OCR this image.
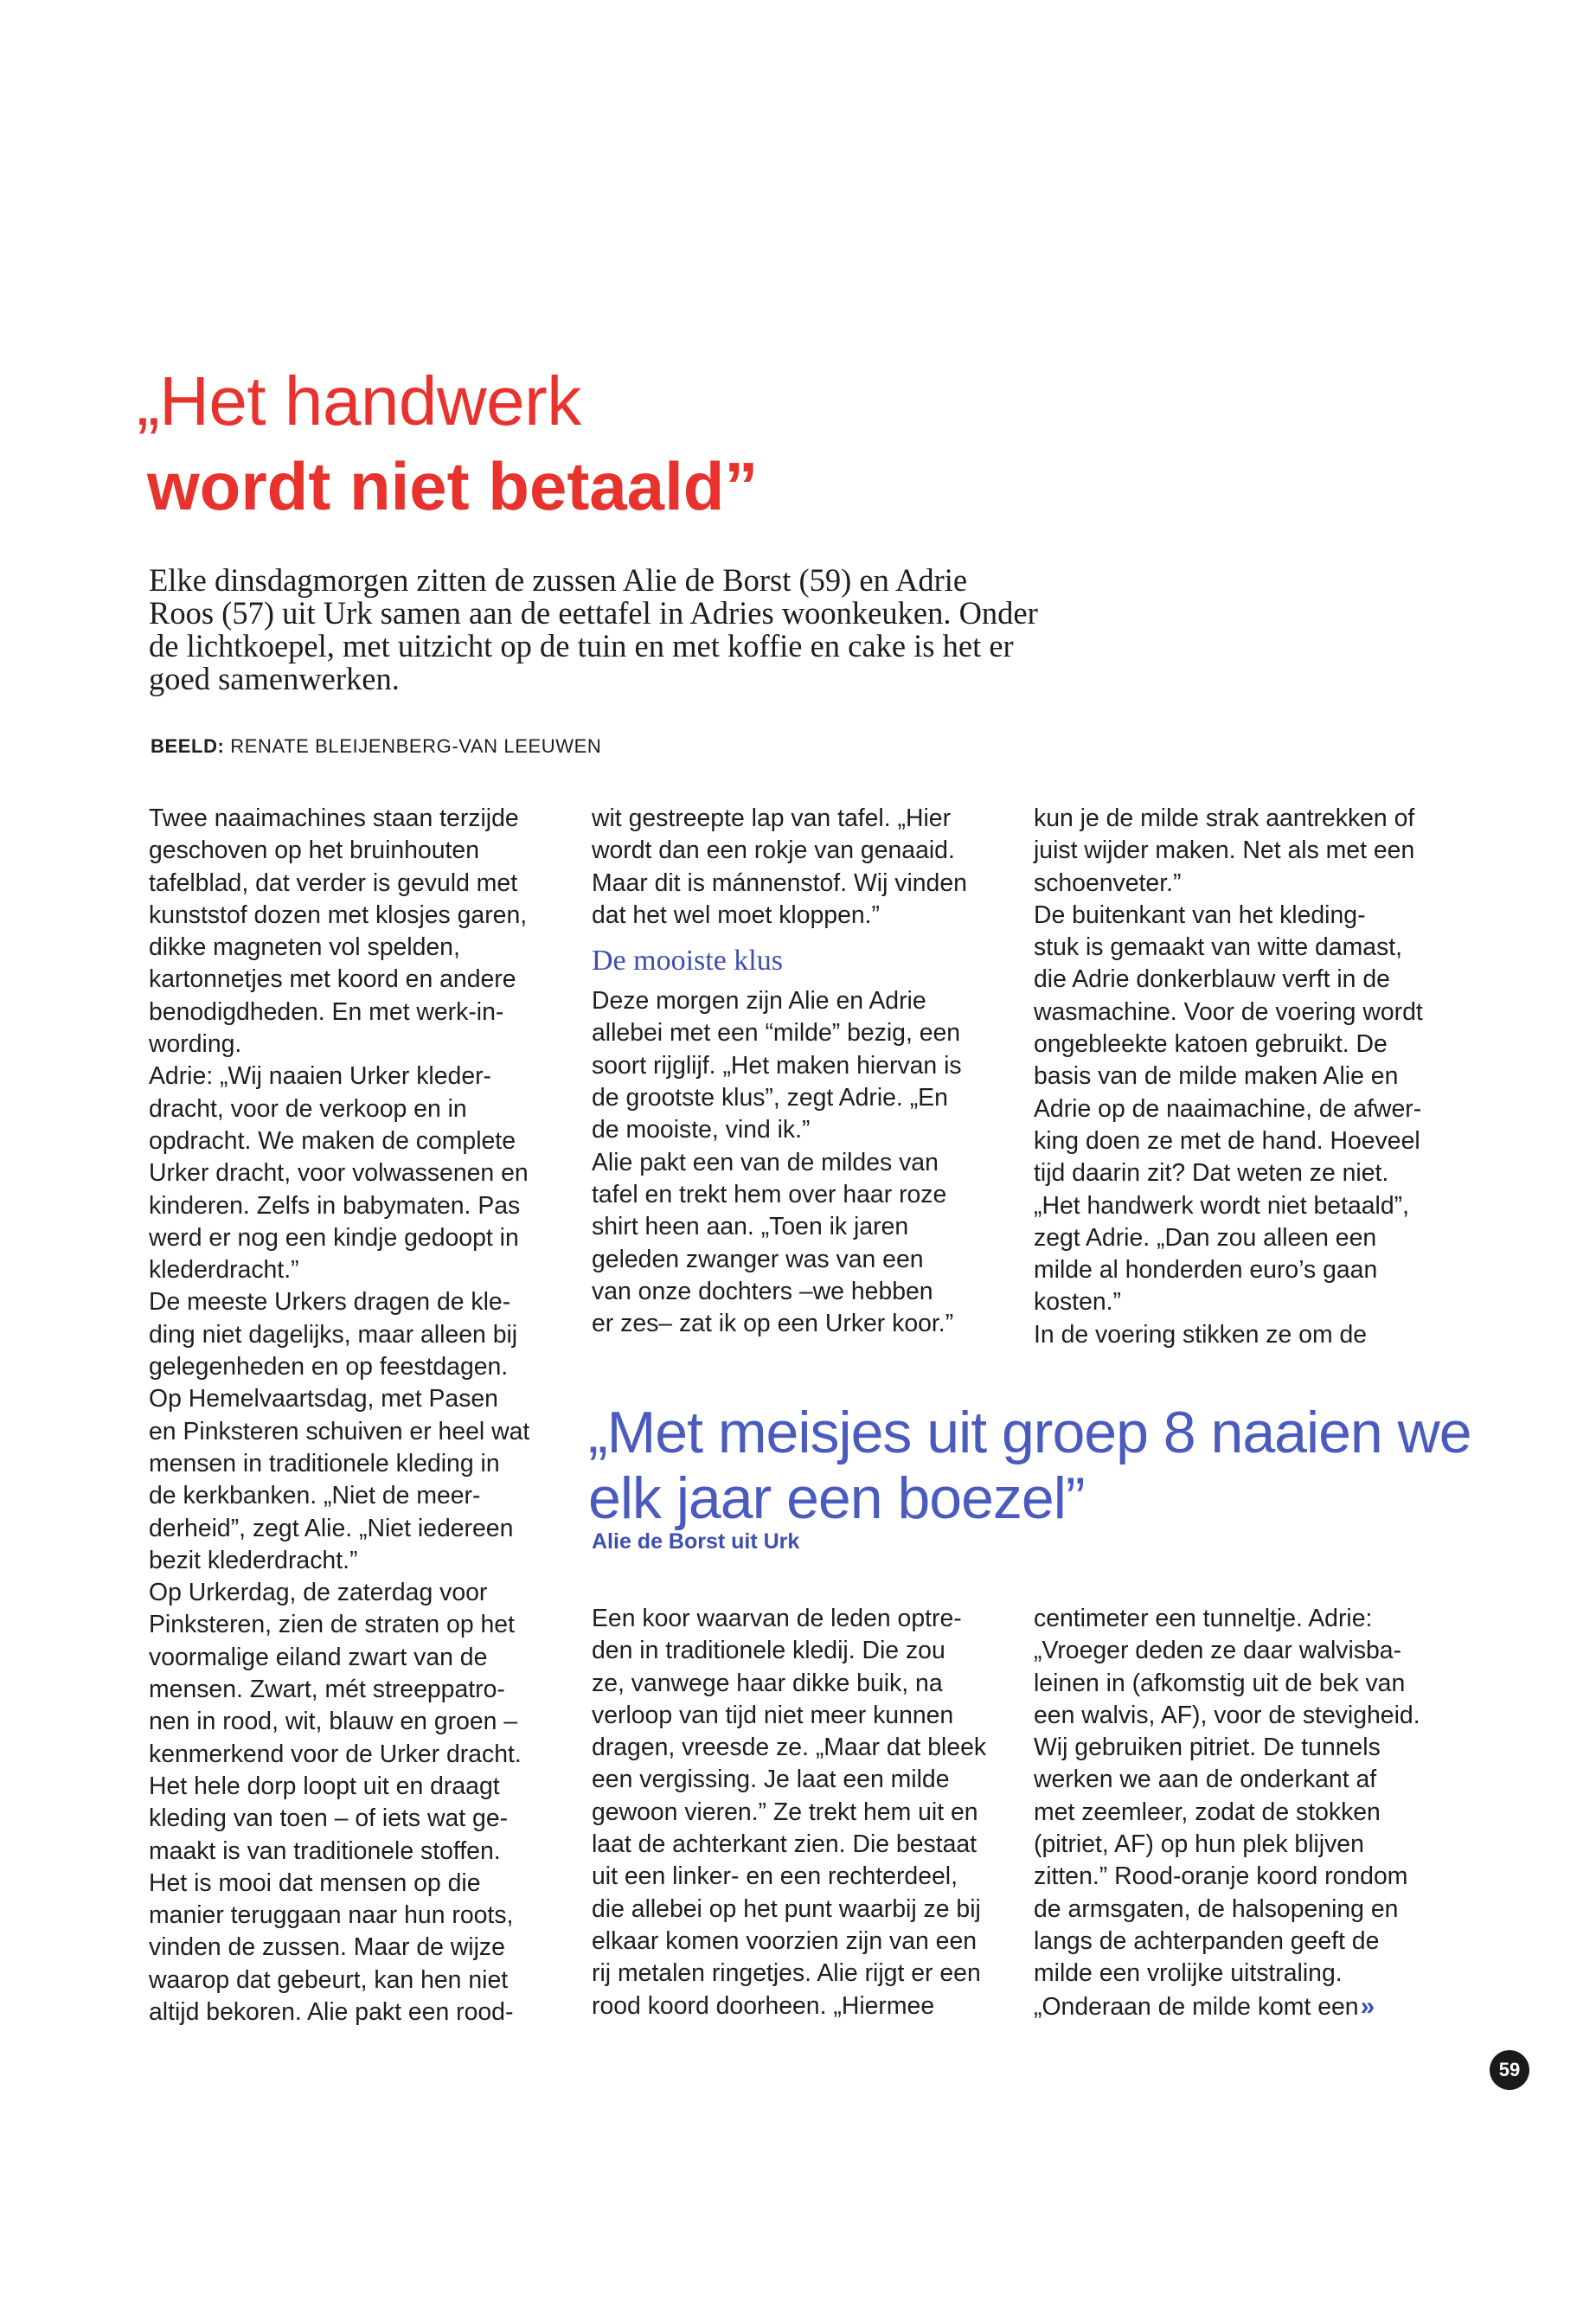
„Het handwerk
wordt niet betaald”
Elke dinsdagmorgen zitten de zussen Alie de Borst (59) en Adrie Roos (57) uit Urk samen aan de eettafel in Adries woonkeuken. Onder de lichtkoepel, met uitzicht op de tuin en met koffie en cake is het er goed samenwerken.
BEELD: RENATE BLEIJENBERG-VAN LEEUWEN

Twee naaimachines staan terzijde

geschoven op het bruinhouten

tafelblad, dat verder is gevuld met

kunststof dozen met klosjes garen,

dikke magneten vol spelden,

kartonnetjes met koord en andere

benodigdheden. En met werk-in-

wording.

Adrie: „Wij naaien Urker kleder-

dracht, voor de verkoop en in

opdracht. We maken de complete

Urker dracht, voor volwassenen en

kinderen. Zelfs in babymaten. Pas

werd er nog een kindje gedoopt in

klederdracht.”

De meeste Urkers dragen de kle-

ding niet dagelijks, maar alleen bij

gelegenheden en op feestdagen.

Op Hemelvaartsdag, met Pasen

en Pinksteren schuiven er heel wat

mensen in traditionele kleding in

de kerkbanken. „Niet de meer-

derheid”, zegt Alie. „Niet iedereen

bezit klederdracht.”

Op Urkerdag, de zaterdag voor

Pinksteren, zien de straten op het

voormalige eiland zwart van de

mensen. Zwart, mét streeppatro-

nen in rood, wit, blauw en groen –

kenmerkend voor de Urker dracht.

Het hele dorp loopt uit en draagt

kleding van toen – of iets wat ge-

maakt is van traditionele stoffen.

Het is mooi dat mensen op die

manier teruggaan naar hun roots,

vinden de zussen. Maar de wijze

waarop dat gebeurt, kan hen niet

altijd bekoren. Alie pakt een rood-

wit gestreepte lap van tafel. „Hier

wordt dan een rokje van genaaid.

Maar dit is mánnenstof. Wij vinden

dat het wel moet kloppen.”

De mooiste klus

Deze morgen zijn Alie en Adrie

allebei met een “milde” bezig, een

soort rijglijf. „Het maken hiervan is

de grootste klus”, zegt Adrie. „En

de mooiste, vind ik.”

Alie pakt een van de mildes van

tafel en trekt hem over haar roze

shirt heen aan. „Toen ik jaren

geleden zwanger was van een

van onze dochters –we hebben

er zes– zat ik op een Urker koor.”

kun je de milde strak aantrekken of

juist wijder maken. Net als met een

schoenveter.”

De buitenkant van het kleding-

stuk is gemaakt van witte damast,

die Adrie donkerblauw verft in de

wasmachine. Voor de voering wordt

ongebleekte katoen gebruikt. De

basis van de milde maken Alie en

Adrie op de naaimachine, de afwer-

king doen ze met de hand. Hoeveel

tijd daarin zit? Dat weten ze niet.

„Het handwerk wordt niet betaald”,

zegt Adrie. „Dan zou alleen een

milde al honderden euro’s gaan

kosten.”

In de voering stikken ze om de

„Met meisjes uit groep 8 naaien we
elk jaar een boezel”
Alie de Borst uit Urk

Een koor waarvan de leden optre-

den in traditionele kledij. Die zou

ze, vanwege haar dikke buik, na

verloop van tijd niet meer kunnen

dragen, vreesde ze. „Maar dat bleek

een vergissing. Je laat een milde

gewoon vieren.” Ze trekt hem uit en

laat de achterkant zien. Die bestaat

uit een linker- en een rechterdeel,

die allebei op het punt waarbij ze bij

elkaar komen voorzien zijn van een

rij metalen ringetjes. Alie rijgt er een

rood koord doorheen. „Hiermee

centimeter een tunneltje. Adrie:

„Vroeger deden ze daar walvisba-

leinen in (afkomstig uit de bek van

een walvis, AF), voor de stevigheid.

Wij gebruiken pitriet. De tunnels

werken we aan de onderkant af

met zeemleer, zodat de stokken

(pitriet, AF) op hun plek blijven

zitten.” Rood-oranje koord rondom

de armsgaten, de halsopening en

langs de achterpanden geeft de

milde een vrolijke uitstraling.

„Onderaan de milde komt een»

59
